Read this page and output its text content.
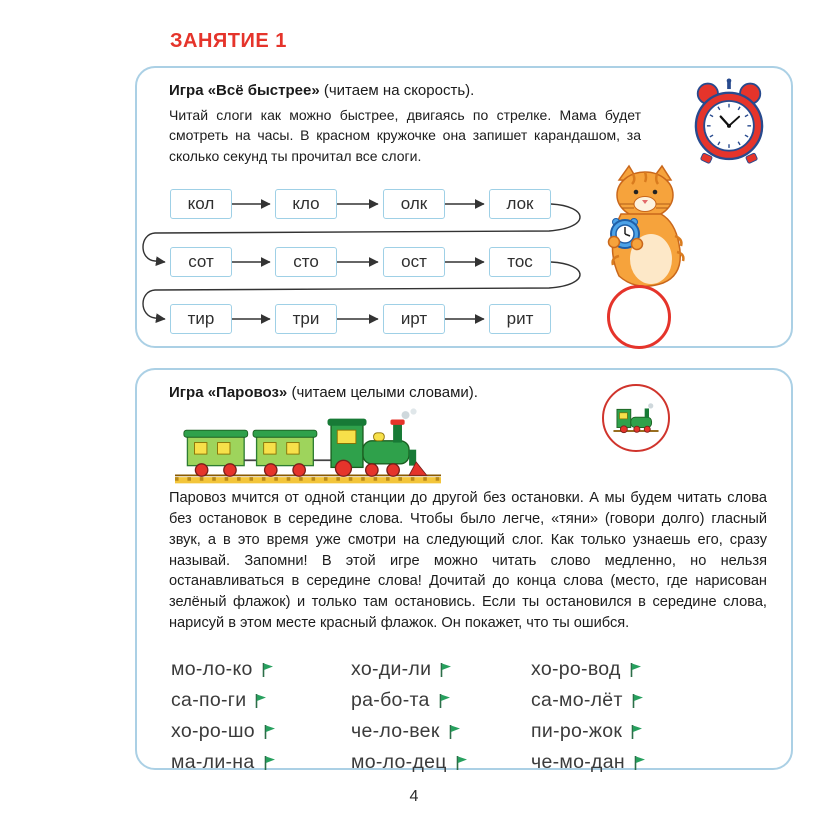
ЗАНЯТИЕ 1

Игра «Всё быстрее» (читаем на скорость).

Читай слоги как можно быстрее, двигаясь по стрелке. Мама будет смотреть на часы. В красном кружочке она запишет карандашом, за сколько секунд ты прочитал все слоги.

кол	кло	олк	лок
сот	сто	ост	тос
тир	три	ирт	рит

Игра «Паровоз» (читаем целыми словами).

Паровоз мчится от одной станции до другой без остановки. А мы будем читать слова без остановок в середине слова. Чтобы было легче, «тяни» (говори долго) гласный звук, а в это время уже смотри на следующий слог. Как только узнаешь его, сразу называй. Запомни! В этой игре можно читать слово медленно, но нельзя останавливаться в середине слова! Дочитай до конца слова (место, где нарисован зелёный флажок) и только там остановись. Если ты остановился в середине слова, нарисуй в этом месте красный флажок. Он покажет, что ты ошибся.

мо-ло-ко	хо-ди-ли	хо-ро-вод
са-по-ги	ра-бо-та	са-мо-лёт
хо-ро-шо	че-ло-век	пи-ро-жок
ма-ли-на	мо-ло-дец	че-мо-дан
4
